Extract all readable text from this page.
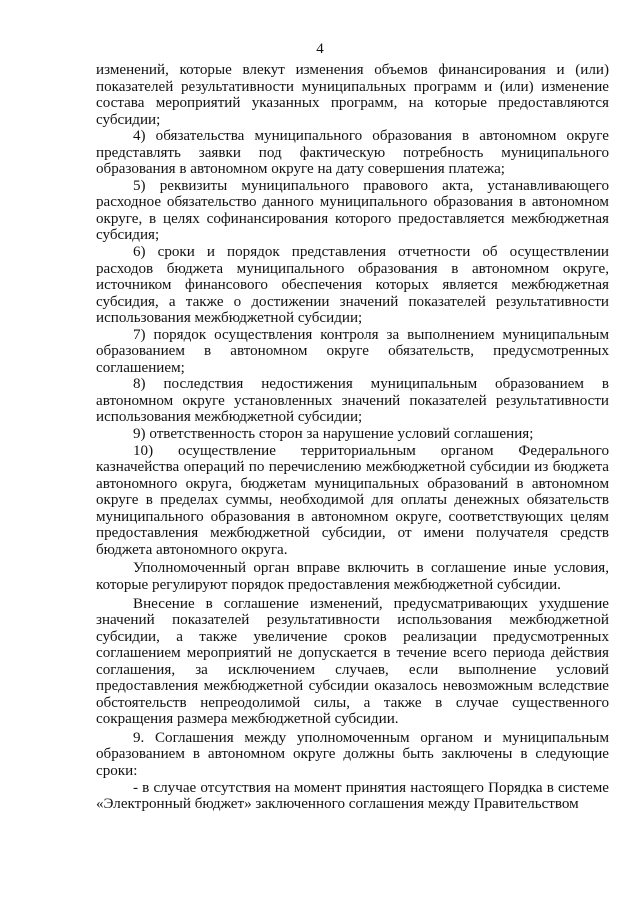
4

изменений, которые влекут изменения объемов финансирования и (или) показателей результативности муниципальных программ и (или) изменение состава мероприятий указанных программ, на которые предоставляются субсидии;

4) обязательства муниципального образования в автономном округе представлять заявки под фактическую потребность муниципального образования в автономном округе на дату совершения платежа;

5) реквизиты муниципального правового акта, устанавливающего расходное обязательство данного муниципального образования в автономном округе, в целях софинансирования которого предоставляется межбюджетная субсидия;

6) сроки и порядок представления отчетности об осуществлении расходов бюджета муниципального образования в автономном округе, источником финансового обеспечения которых является межбюджетная субсидия, а также о достижении значений показателей результативности использования межбюджетной субсидии;

7) порядок осуществления контроля за выполнением муниципальным образованием в автономном округе обязательств, предусмотренных соглашением;

8) последствия недостижения муниципальным образованием в автономном округе установленных значений показателей результативности использования межбюджетной субсидии;

9) ответственность сторон за нарушение условий соглашения;

10) осуществление территориальным органом Федерального казначейства операций по перечислению межбюджетной субсидии из бюджета автономного округа, бюджетам муниципальных образований в автономном округе в пределах суммы, необходимой для оплаты денежных обязательств муниципального образования в автономном округе, соответствующих целям предоставления межбюджетной субсидии, от имени получателя средств бюджета автономного округа.

Уполномоченный орган вправе включить в соглашение иные условия, которые регулируют порядок предоставления межбюджетной субсидии.

Внесение в соглашение изменений, предусматривающих ухудшение значений показателей результативности использования межбюджетной субсидии, а также увеличение сроков реализации предусмотренных соглашением мероприятий не допускается в течение всего периода действия соглашения, за исключением случаев, если выполнение условий предоставления межбюджетной субсидии оказалось невозможным вследствие обстоятельств непреодолимой силы, а также в случае существенного сокращения размера межбюджетной субсидии.

9. Соглашения между уполномоченным органом и муниципальным образованием в автономном округе должны быть заключены в следующие сроки:

- в случае отсутствия на момент принятия настоящего Порядка в системе «Электронный бюджет» заключенного соглашения между Правительством
